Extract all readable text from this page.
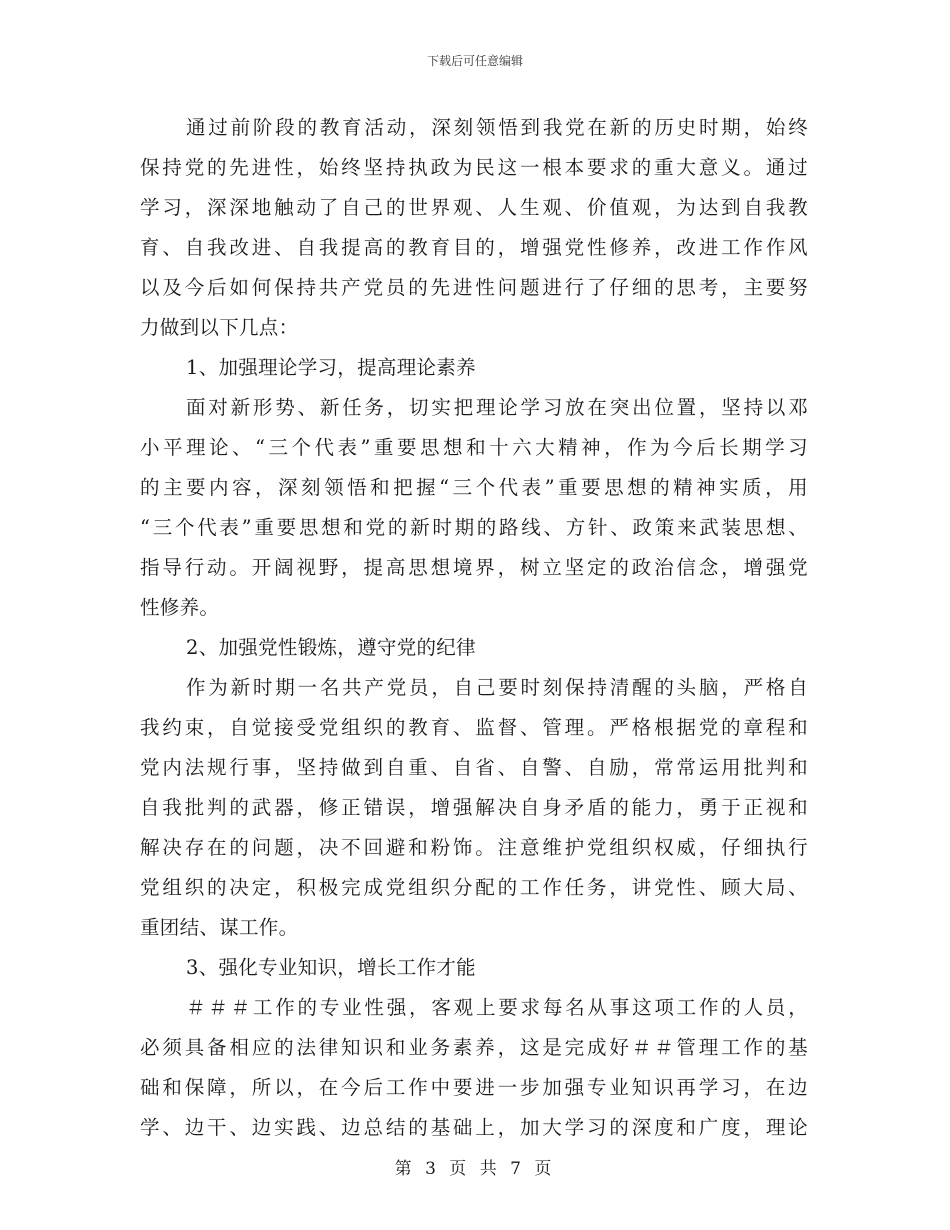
下载后可任意编辑
通过前阶段的教育活动，深刻领悟到我党在新的历史时期，始终
保持党的先进性，始终坚持执政为民这一根本要求的重大意义。通过
学习，深深地触动了自己的世界观、人生观、价值观，为达到自我教
育、自我改进、自我提高的教育目的，增强党性修养，改进工作作风
以及今后如何保持共产党员的先进性问题进行了仔细的思考，主要努
力做到以下几点：
1、加强理论学习，提高理论素养
面对新形势、新任务，切实把理论学习放在突出位置，坚持以邓
小平理论、“三个代表”重要思想和十六大精神，作为今后长期学习
的主要内容，深刻领悟和把握“三个代表”重要思想的精神实质，用
“三个代表”重要思想和党的新时期的路线、方针、政策来武装思想、
指导行动。开阔视野，提高思想境界，树立坚定的政治信念，增强党
性修养。
2、加强党性锻炼，遵守党的纪律
作为新时期一名共产党员，自己要时刻保持清醒的头脑，严格自
我约束，自觉接受党组织的教育、监督、管理。严格根据党的章程和
党内法规行事，坚持做到自重、自省、自警、自励，常常运用批判和
自我批判的武器，修正错误，增强解决自身矛盾的能力，勇于正视和
解决存在的问题，决不回避和粉饰。注意维护党组织权威，仔细执行
党组织的决定，积极完成党组织分配的工作任务，讲党性、顾大局、
重团结、谋工作。
3、强化专业知识，增长工作才能
＃＃＃工作的专业性强，客观上要求每名从事这项工作的人员，
必须具备相应的法律知识和业务素养，这是完成好＃＃管理工作的基
础和保障，所以，在今后工作中要进一步加强专业知识再学习，在边
学、边干、边实践、边总结的基础上，加大学习的深度和广度，理论
第 3 页 共 7 页
